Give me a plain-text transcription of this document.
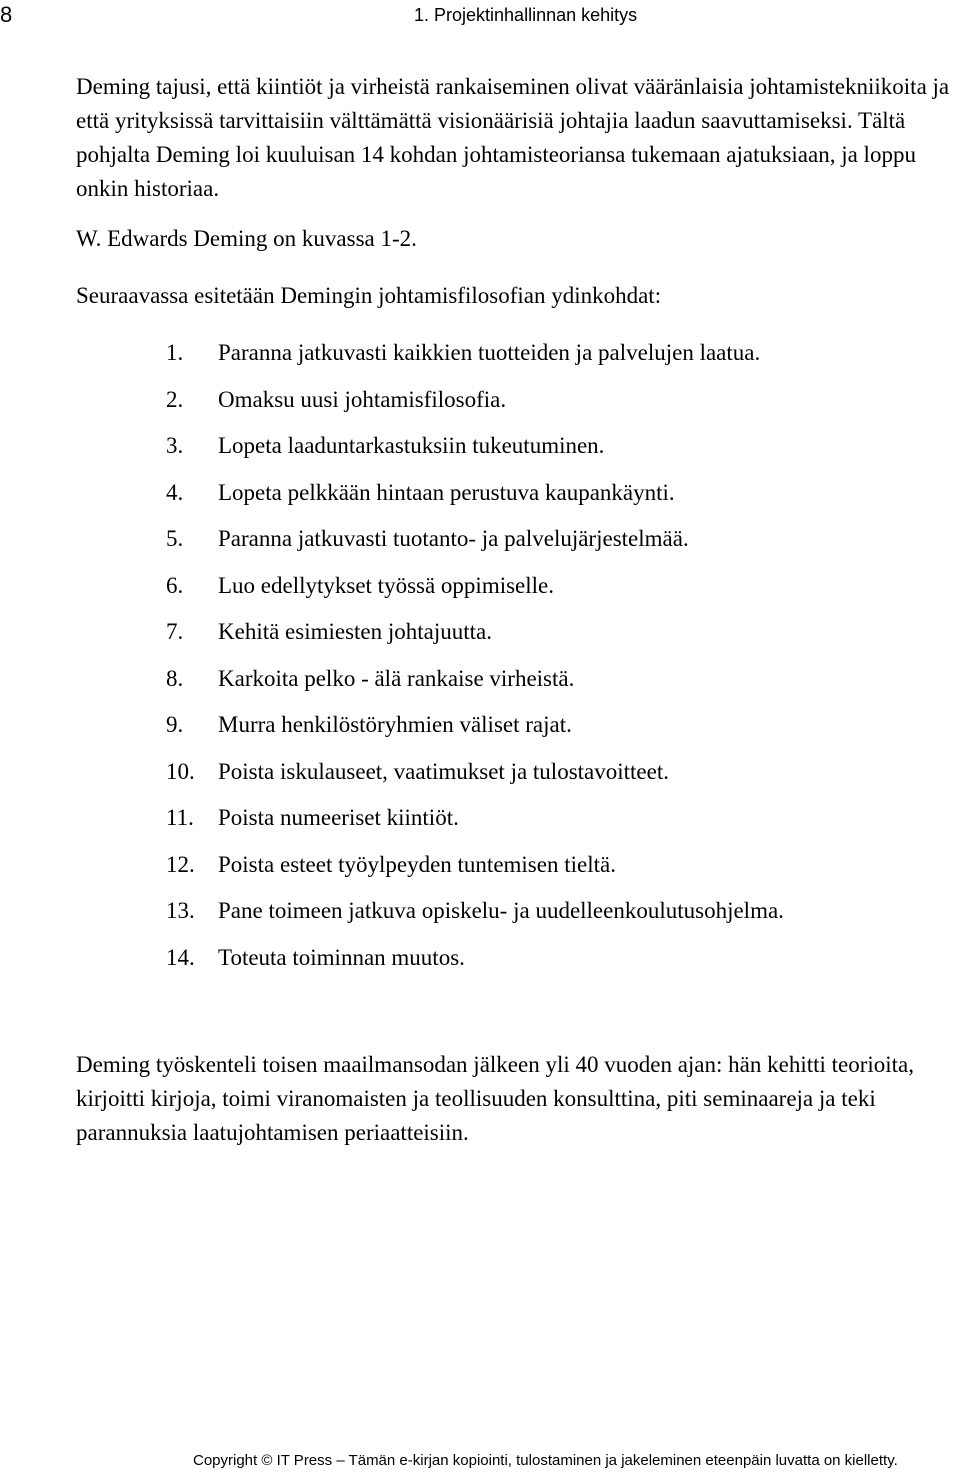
8	1. Projektinhallinnan kehitys

Deming tajusi, että kiintiöt ja virheistä rankaiseminen olivat vääränlaisia johtamistekniikoita ja että yrityksissä tarvittaisiin välttämättä visionäärisiä johtajia laadun saavuttamiseksi. Tältä pohjalta Deming loi kuuluisan 14 kohdan johtamisteoriansa tukemaan ajatuksiaan, ja loppu onkin historiaa.

W. Edwards Deming on kuvassa 1-2.

Seuraavassa esitetään Demingin johtamisfilosofian ydinkohdat:

1.	Paranna jatkuvasti kaikkien tuotteiden ja palvelujen laatua.
2.	Omaksu uusi johtamisfilosofia.
3.	Lopeta laaduntarkastuksiin tukeutuminen.
4.	Lopeta pelkkään hintaan perustuva kaupankäynti.
5.	Paranna jatkuvasti tuotanto- ja palvelujärjestelmää.
6.	Luo edellytykset työssä oppimiselle.
7.	Kehitä esimiesten johtajuutta.
8.	Karkoita pelko - älä rankaise virheistä.
9.	Murra henkilöstöryhmien väliset rajat.
10.	Poista iskulauseet, vaatimukset ja tulostavoitteet.
11.	Poista numeeriset kiintiöt.
12.	Poista esteet työylpeyden tuntemisen tieltä.
13.	Pane toimeen jatkuva opiskelu- ja uudelleenkoulutusohjelma.
14.	Toteuta toiminnan muutos.

Deming työskenteli toisen maailmansodan jälkeen yli 40 vuoden ajan: hän kehitti teorioita, kirjoitti kirjoja, toimi viranomaisten ja teollisuuden konsulttina, piti seminaareja ja teki parannuksia laatujohtamisen periaatteisiin.

Copyright © IT Press – Tämän e-kirjan kopiointi, tulostaminen ja jakeleminen eteenpäin luvatta on kielletty.
